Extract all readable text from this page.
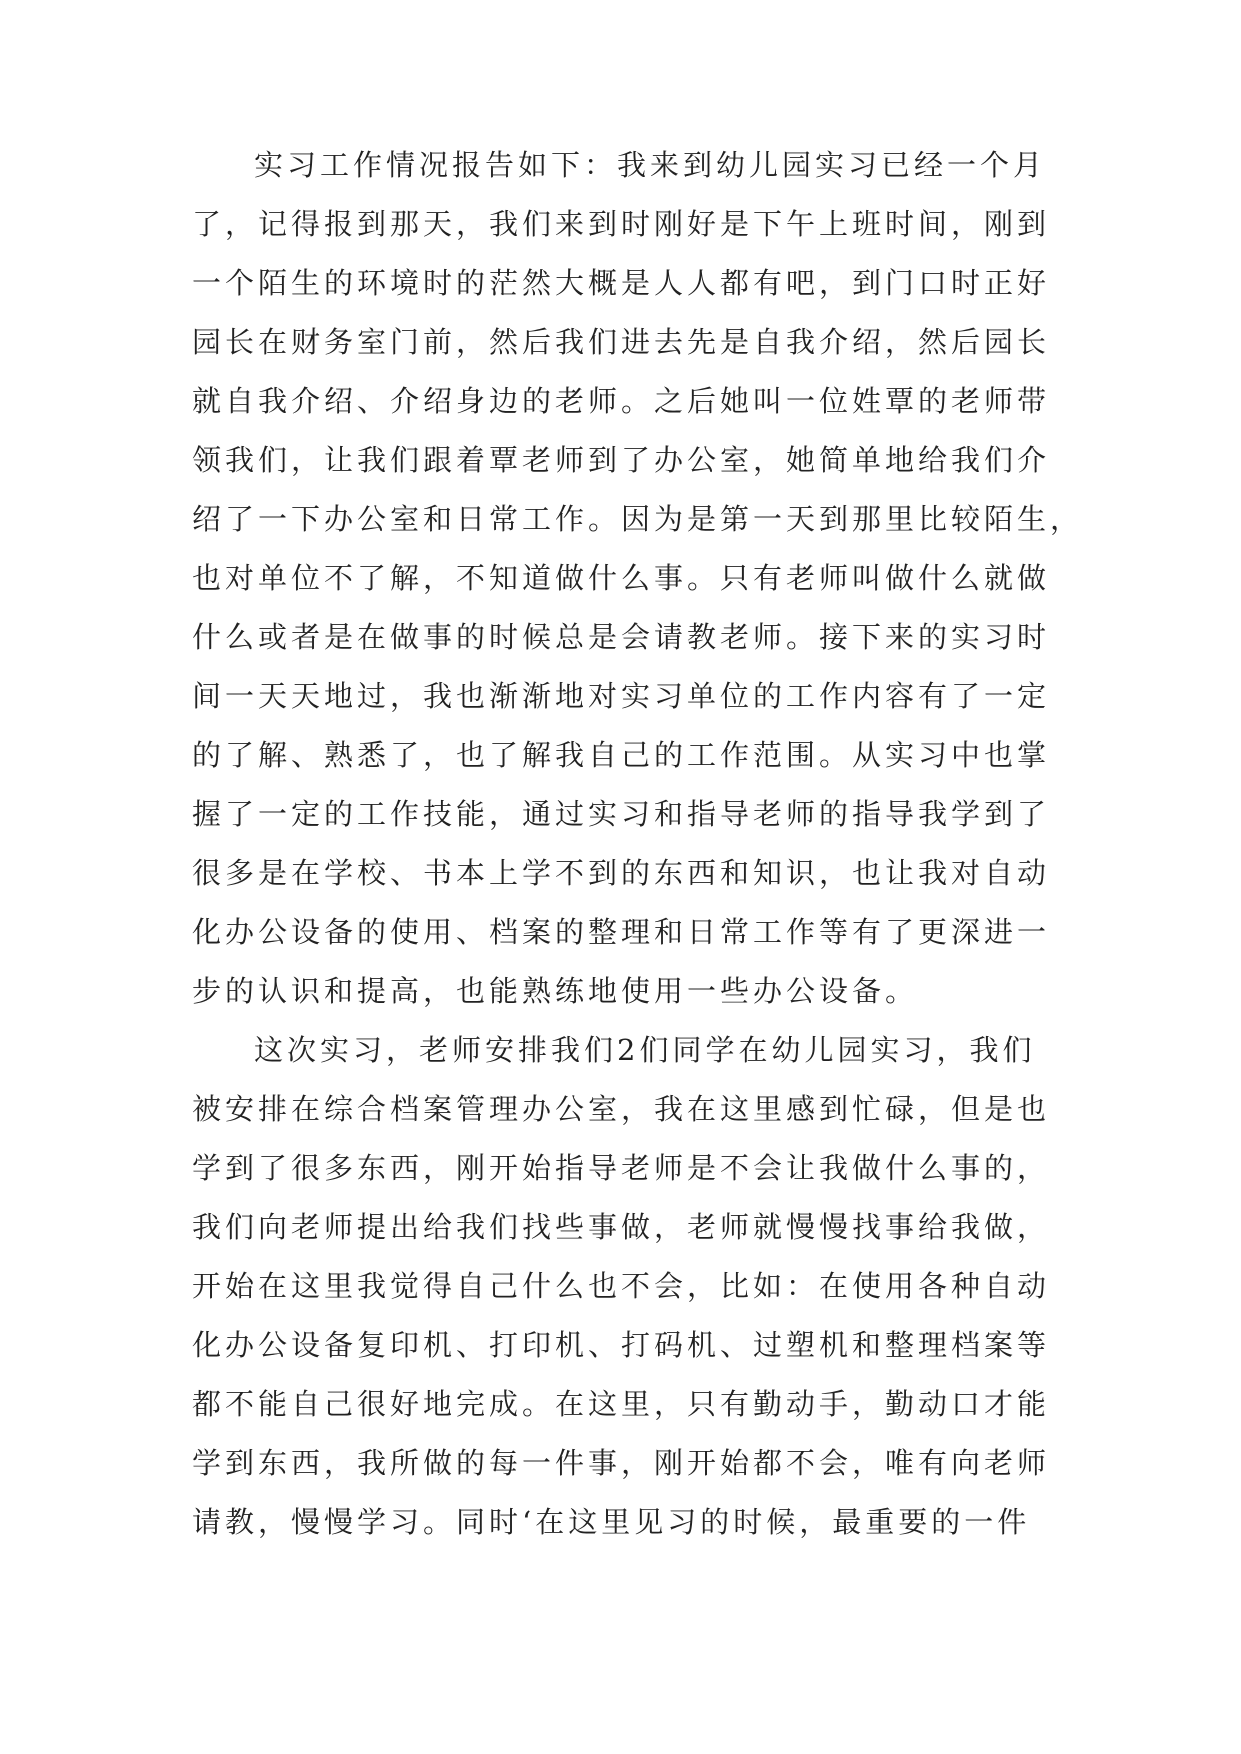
实习工作情况报告如下：我来到幼儿园实习已经一个月
了，记得报到那天，我们来到时刚好是下午上班时间，刚到
一个陌生的环境时的茫然大概是人人都有吧，到门口时正好
园长在财务室门前，然后我们进去先是自我介绍，然后园长
就自我介绍、介绍身边的老师。之后她叫一位姓覃的老师带
领我们，让我们跟着覃老师到了办公室，她简单地给我们介
绍了一下办公室和日常工作。因为是第一天到那里比较陌生，
也对单位不了解，不知道做什么事。只有老师叫做什么就做
什么或者是在做事的时候总是会请教老师。接下来的实习时
间一天天地过，我也渐渐地对实习单位的工作内容有了一定
的了解、熟悉了，也了解我自己的工作范围。从实习中也掌
握了一定的工作技能，通过实习和指导老师的指导我学到了
很多是在学校、书本上学不到的东西和知识，也让我对自动
化办公设备的使用、档案的整理和日常工作等有了更深进一
步的认识和提高，也能熟练地使用一些办公设备。
这次实习，老师安排我们2们同学在幼儿园实习，我们
被安排在综合档案管理办公室，我在这里感到忙碌，但是也
学到了很多东西，刚开始指导老师是不会让我做什么事的，
我们向老师提出给我们找些事做，老师就慢慢找事给我做，
开始在这里我觉得自己什么也不会，比如：在使用各种自动
化办公设备复印机、打印机、打码机、过塑机和整理档案等
都不能自己很好地完成。在这里，只有勤动手，勤动口才能
学到东西，我所做的每一件事，刚开始都不会，唯有向老师
请教，慢慢学习。同时‘在这里见习的时候，最重要的一件
